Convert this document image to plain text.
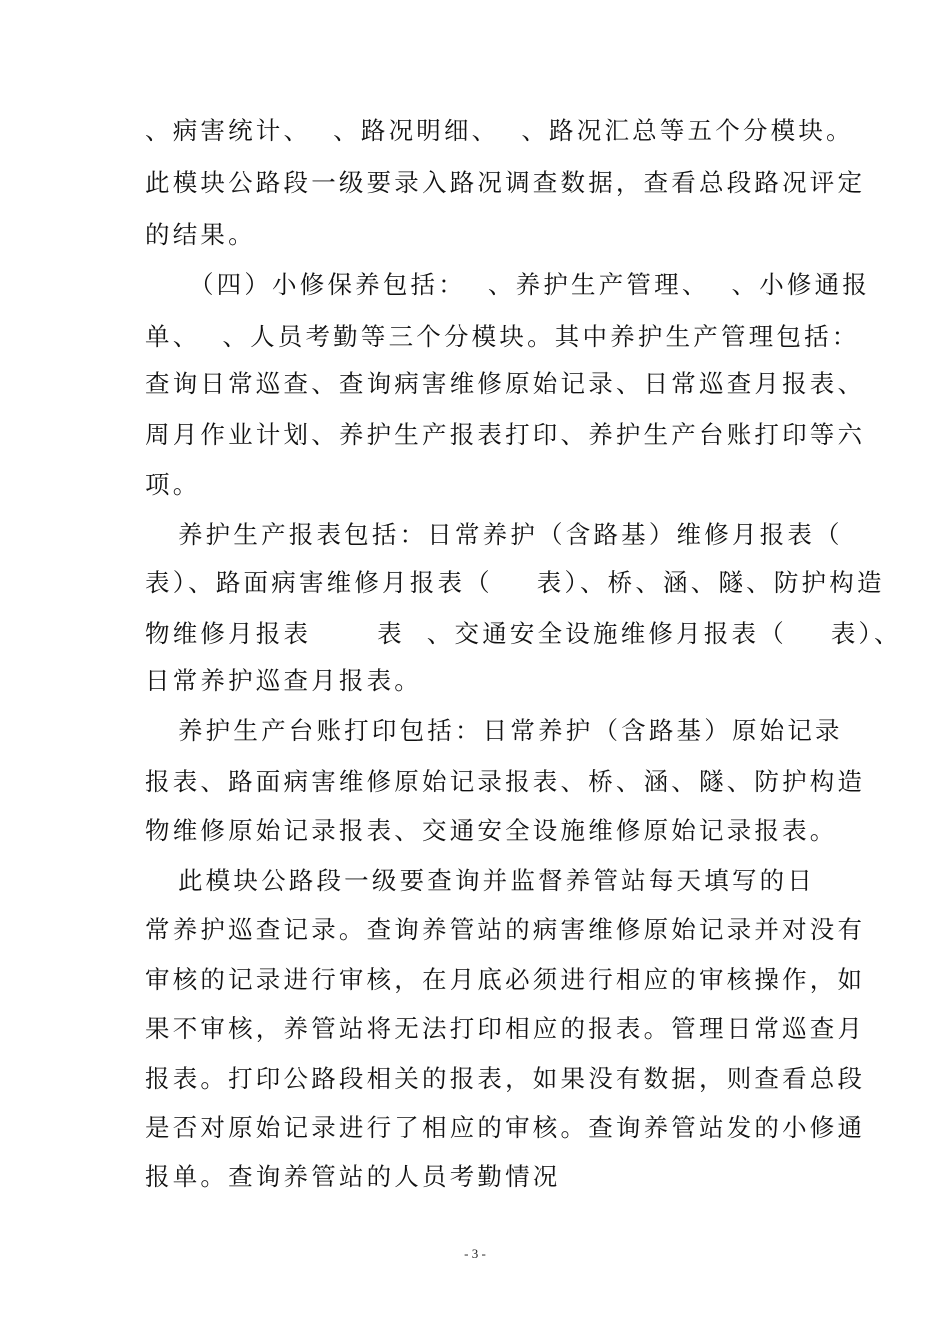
、病害统计、  、路况明细、  、路况汇总等五个分模块。
此模块公路段一级要录入路况调查数据，查看总段路况评定
的结果。
（四）小修保养包括：  、养护生产管理、  、小修通报
单、  、人员考勤等三个分模块。其中养护生产管理包括：
查询日常巡查、查询病害维修原始记录、日常巡查月报表、
周月作业计划、养护生产报表打印、养护生产台账打印等六
项。
养护生产报表包括：日常养护（含路基）维修月报表（
表）、路面病害维修月报表（    表）、桥、涵、隧、防护构造
物维修月报表      表  、交通安全设施维修月报表（    表）、
日常养护巡查月报表。
养护生产台账打印包括：日常养护（含路基）原始记录
报表、路面病害维修原始记录报表、桥、涵、隧、防护构造
物维修原始记录报表、交通安全设施维修原始记录报表。
此模块公路段一级要查询并监督养管站每天填写的日
常养护巡查记录。查询养管站的病害维修原始记录并对没有
审核的记录进行审核，在月底必须进行相应的审核操作，如
果不审核，养管站将无法打印相应的报表。管理日常巡查月
报表。打印公路段相关的报表，如果没有数据，则查看总段
是否对原始记录进行了相应的审核。查询养管站发的小修通
报单。查询养管站的人员考勤情况
- 3 -
